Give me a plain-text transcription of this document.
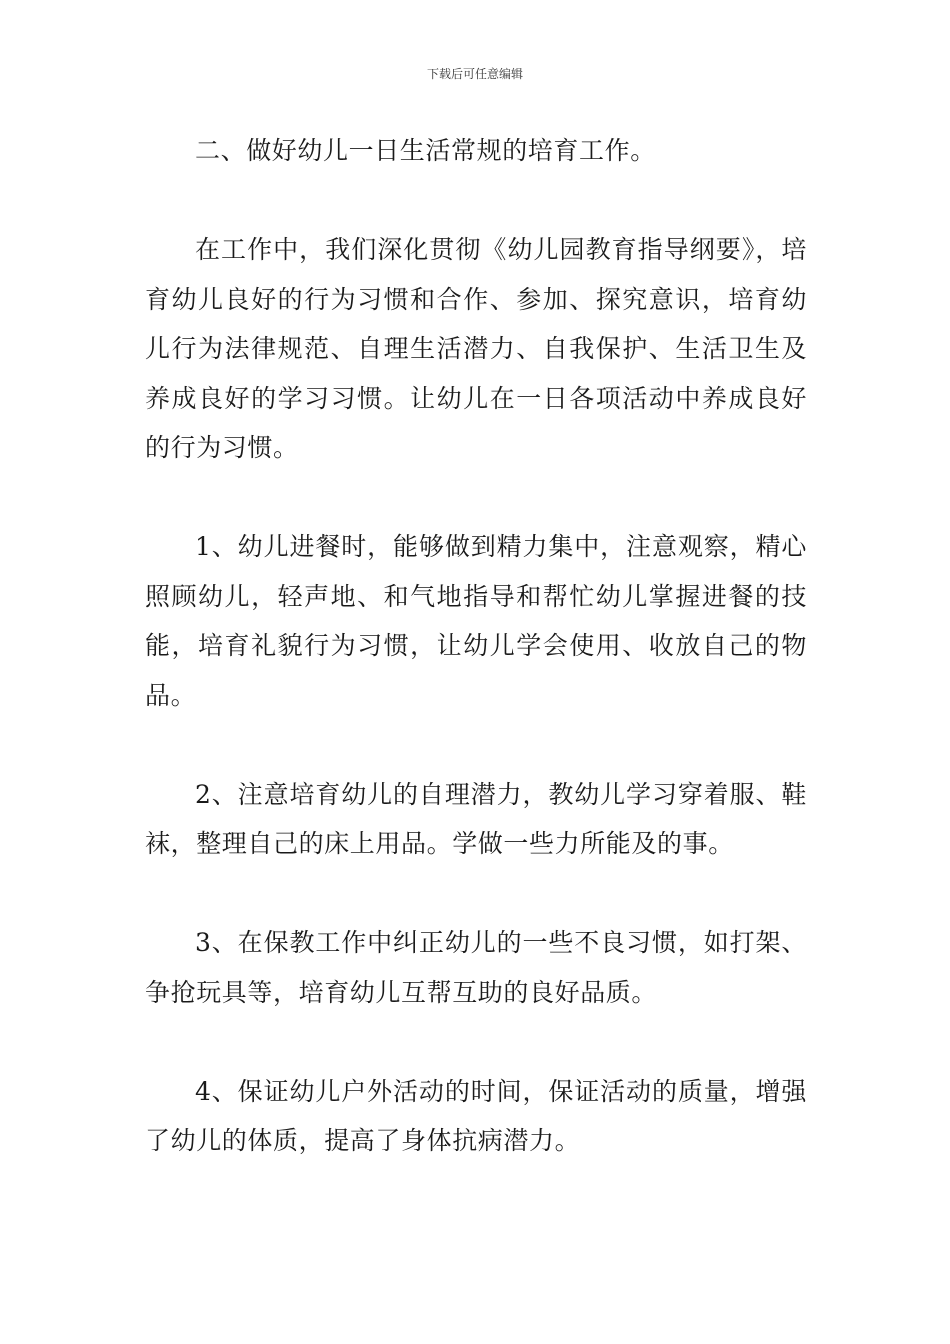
下载后可任意编辑

二、做好幼儿一日生活常规的培育工作。

在工作中，我们深化贯彻《幼儿园教育指导纲要》，培育幼儿良好的行为习惯和合作、参加、探究意识，培育幼儿行为法律规范、自理生活潜力、自我保护、生活卫生及养成良好的学习习惯。让幼儿在一日各项活动中养成良好的行为习惯。

1、幼儿进餐时，能够做到精力集中，注意观察，精心照顾幼儿，轻声地、和气地指导和帮忙幼儿掌握进餐的技能，培育礼貌行为习惯，让幼儿学会使用、收放自己的物品。

2、注意培育幼儿的自理潜力，教幼儿学习穿着服、鞋袜，整理自己的床上用品。学做一些力所能及的事。

3、在保教工作中纠正幼儿的一些不良习惯，如打架、争抢玩具等，培育幼儿互帮互助的良好品质。

4、保证幼儿户外活动的时间，保证活动的质量，增强了幼儿的体质，提高了身体抗病潜力。
